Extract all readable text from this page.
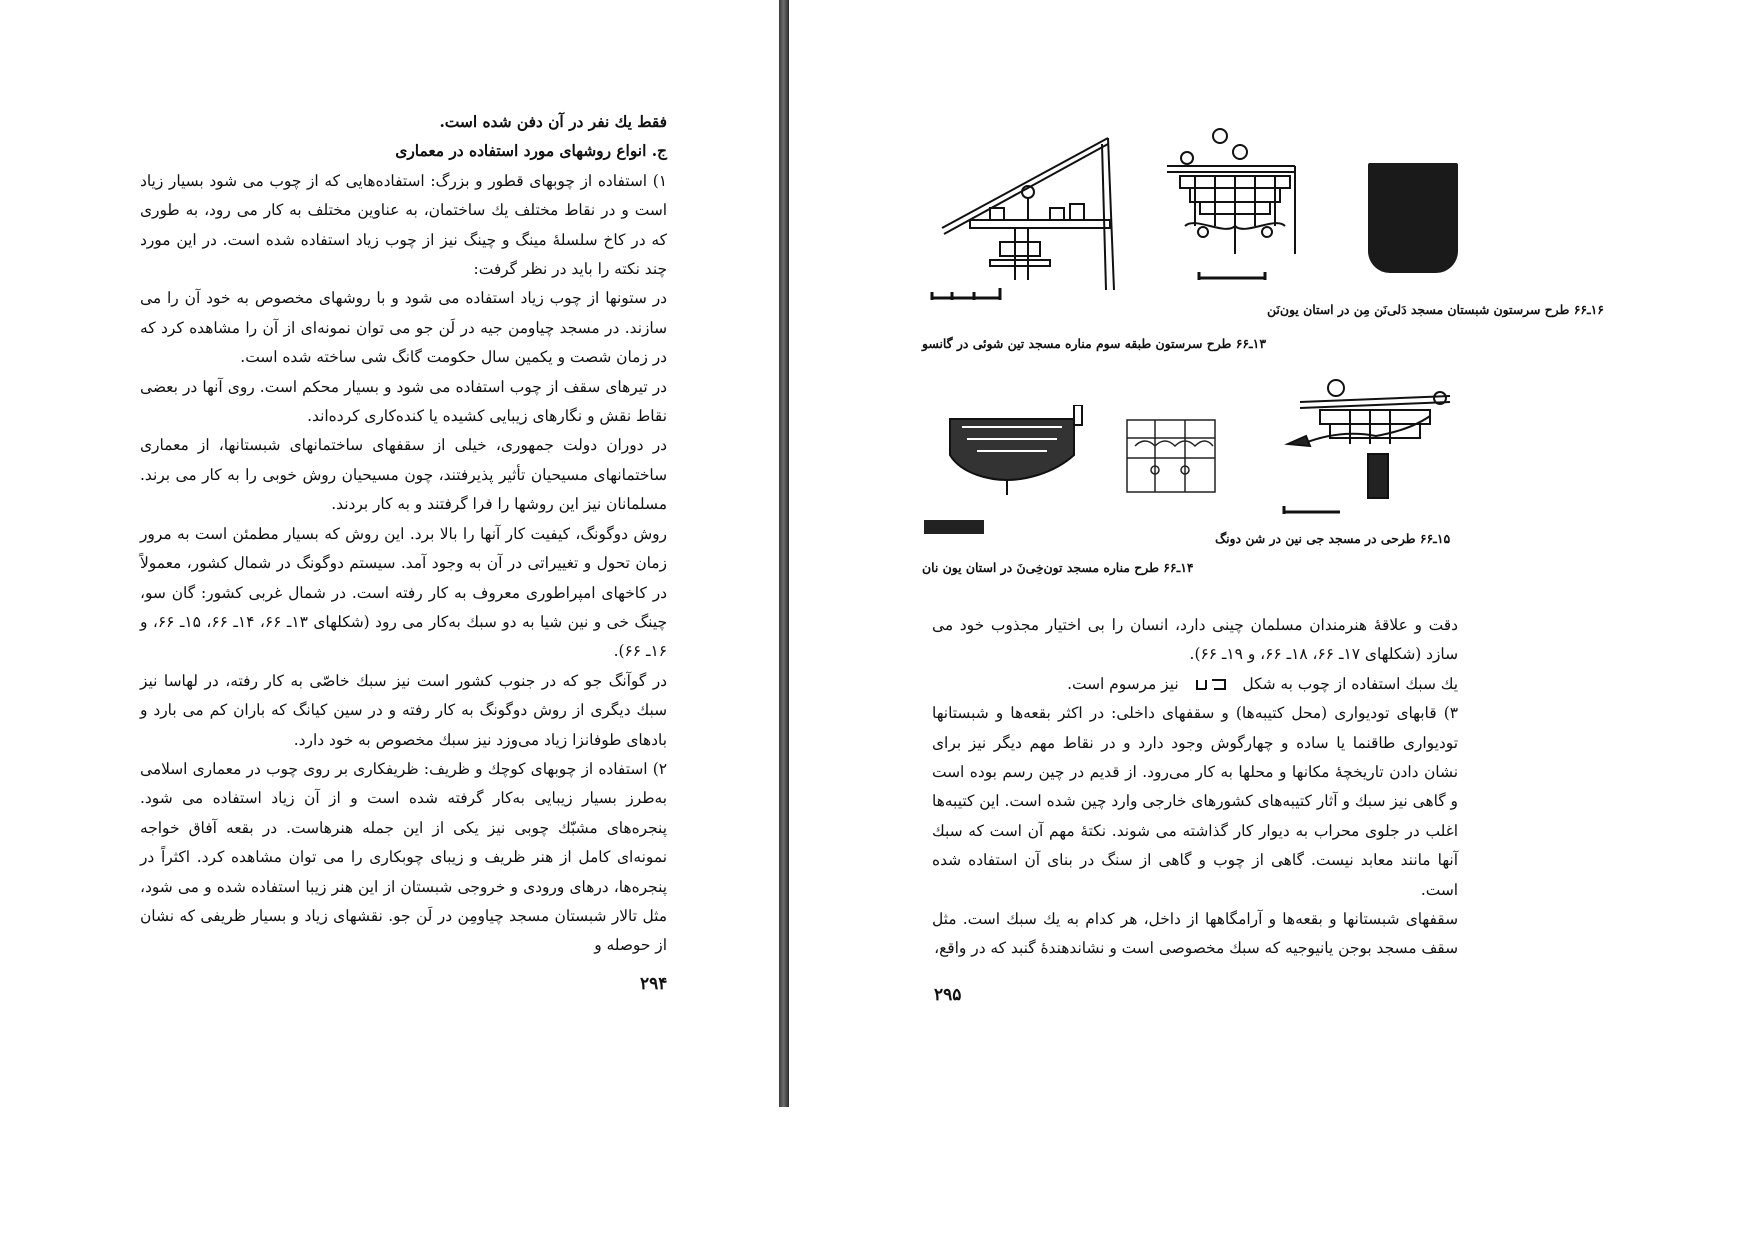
فقط يك نفر در آن دفن شده است.

ج. انواع روشهای مورد استفاده در معماری

۱) استفاده از چوبهای قطور و بزرگ: استفاده‌هایی که از چوب می شود بسیار زیاد است و در نقاط مختلف يك ساختمان، به عناوین مختلف به کار می رود، به طوری که در کاخ سلسلهٔ مینگ و چینگ نیز از چوب زیاد استفاده شده است. در این مورد چند نکته را باید در نظر گرفت:

در ستونها از چوب زیاد استفاده می شود و با روشهای مخصوص به خود آن را می سازند. در مسجد چیاومن جیه در لَن جو می توان نمونه‌ای از آن را مشاهده کرد که در زمان شصت و یکمین سال حکومت گانگ شی ساخته شده است.

در تیرهای سقف از چوب استفاده می شود و بسیار محکم است. روی آنها در بعضی نقاط نقش و نگارهای زیبایی کشیده یا کنده‌کاری کرده‌اند.

در دوران دولت جمهوری، خیلی از سقفهای ساختمانهای شبستانها، از معماری ساختمانهای مسیحیان تأثیر پذیرفتند، چون مسیحیان روش خوبی را به کار می برند. مسلمانان نیز این روشها را فرا گرفتند و به کار بردند.

روش دوگونگ، کیفیت کار آنها را بالا برد. این روش که بسیار مطمئن است به مرور زمان تحول و تغییراتی در آن به وجود آمد. سیستم دوگونگ در شمال کشور، معمولاً در کاخهای امپراطوری معروف به کار رفته است. در شمال غربی کشور: گان سو، چینگ خی و نین شیا به دو سبك به‌کار می رود (شکلهای ۱۳ـ ۶۶، ۱۴ـ ۶۶، ۱۵ـ ۶۶، و ۱۶ـ ۶۶).

در گوآنگ جو که در جنوب کشور است نیز سبك خاصّی به کار رفته، در لهاسا نیز سبك دیگری از روش دوگونگ به کار رفته و در سین کیانگ که باران کم می بارد و بادهای طوفانزا زیاد می‌وزد نیز سبك مخصوص به خود دارد.

۲) استفاده از چوبهای کوچك و ظریف: ظریفکاری بر روی چوب در معماری اسلامی به‌طرز بسیار زیبایی به‌کار گرفته شده است و از آن زیاد استفاده می شود. پنجره‌های مشبّك چوبی نیز یکی از این جمله هنرهاست. در بقعه آفاق خواجه نمونه‌ای کامل از هنر ظریف و زیبای چوبکاری را می توان مشاهده کرد. اکثراً در پنجره‌ها، درهای ورودی و خروجی شبستان از این هنر زیبا استفاده شده و می شود، مثل تالار شبستان مسجد چیاومِن در لَن جو. نقشهای زیاد و بسیار ظریفی که نشان از حوصله و

۲۹۴
۱۶ـ۶۶ طرح سرستون شبستان مسجد دَلی‌نَن مِن در استان یون‌نَن
۱۳ـ۶۶ طرح سرستون طبقه سوم مناره مسجد تین شوئی در گانسو
۱۵ـ۶۶ طرحی در مسجد جی نین در شن دونگ
۱۴ـ۶۶ طرح مناره مسجد تون‌خِی‌نَ در استان یون نان

دقت و علاقهٔ هنرمندان مسلمان چینی دارد، انسان را بی اختیار مجذوب خود می سازد (شکلهای ۱۷ـ ۶۶، ۱۸ـ ۶۶، و ۱۹ـ ۶۶).

يك سبك استفاده از چوب به شكل  نیز مرسوم است.

۳) قابهای تودیواری (محل کتیبه‌ها) و سقفهای داخلی: در اکثر بقعه‌ها و شبستانها تودیواری طاقنما یا ساده و چهارگوش وجود دارد و در نقاط مهم دیگر نیز برای نشان دادن تاریخچهٔ مکانها و محلها به کار می‌رود. از قدیم در چین رسم بوده است و گاهی نیز سبك و آثار کتیبه‌های کشورهای خارجی وارد چین شده است. این کتیبه‌ها اغلب در جلوی محراب به دیوار کار گذاشته می شوند. نکتهٔ مهم آن است که سبك آنها مانند معابد نیست. گاهی از چوب و گاهی از سنگ در بنای آن استفاده شده است.

سقفهای شبستانها و بقعه‌ها و آرامگاهها از داخل، هر کدام به يك سبك است. مثل سقف مسجد بوجن یانیوجیه که سبك مخصوصی است و نشاندهندهٔ گنبد که در واقع،

۲۹۵
